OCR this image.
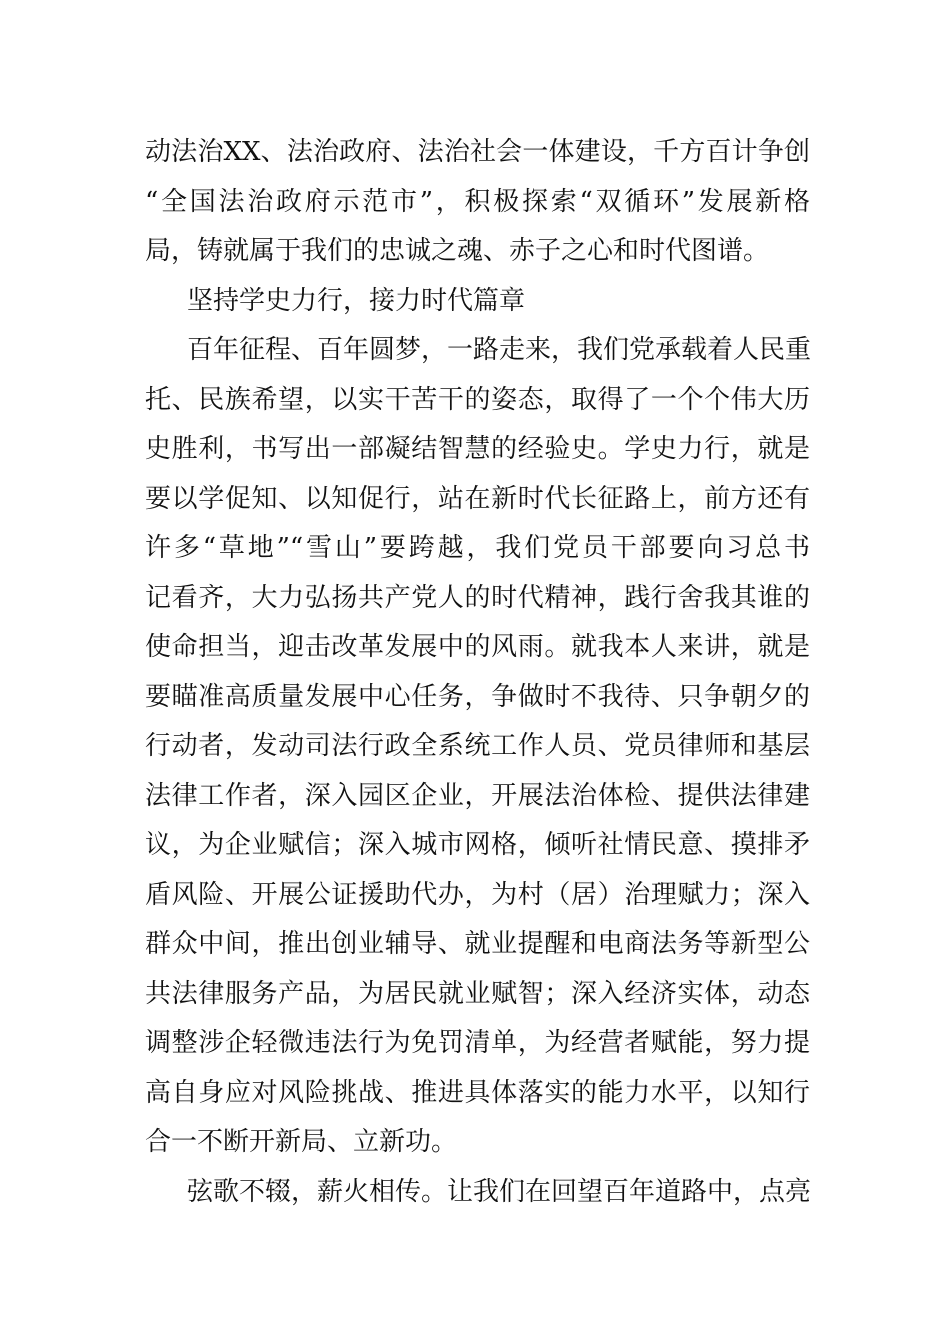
动法治XX、法治政府、法治社会一体建设，千方百计争创
“全国法治政府示范市”，积极探索“双循环”发展新格
局，铸就属于我们的忠诚之魂、赤子之心和时代图谱。
坚持学史力行，接力时代篇章
百年征程、百年圆梦，一路走来，我们党承载着人民重
托、民族希望，以实干苦干的姿态，取得了一个个伟大历
史胜利，书写出一部凝结智慧的经验史。学史力行，就是
要以学促知、以知促行，站在新时代长征路上，前方还有
许多“草地”“雪山”要跨越，我们党员干部要向习总书
记看齐，大力弘扬共产党人的时代精神，践行舍我其谁的
使命担当，迎击改革发展中的风雨。就我本人来讲，就是
要瞄准高质量发展中心任务，争做时不我待、只争朝夕的
行动者，发动司法行政全系统工作人员、党员律师和基层
法律工作者，深入园区企业，开展法治体检、提供法律建
议，为企业赋信；深入城市网格，倾听社情民意、摸排矛
盾风险、开展公证援助代办，为村（居）治理赋力；深入
群众中间，推出创业辅导、就业提醒和电商法务等新型公
共法律服务产品，为居民就业赋智；深入经济实体，动态
调整涉企轻微违法行为免罚清单，为经营者赋能，努力提
高自身应对风险挑战、推进具体落实的能力水平，以知行
合一不断开新局、立新功。
弦歌不辍，薪火相传。让我们在回望百年道路中，点亮
